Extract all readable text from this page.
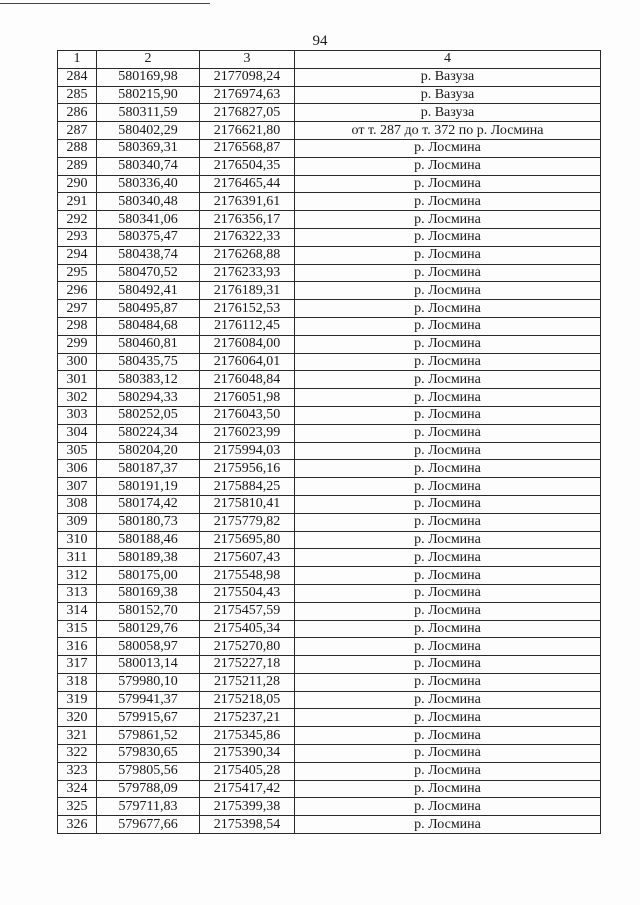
94
1	2	3	4
284	580169,98	2177098,24	р. Вазуза
285	580215,90	2176974,63	р. Вазуза
286	580311,59	2176827,05	р. Вазуза
287	580402,29	2176621,80	от т. 287 до т. 372 по р. Лосмина
288	580369,31	2176568,87	р. Лосмина
289	580340,74	2176504,35	р. Лосмина
290	580336,40	2176465,44	р. Лосмина
291	580340,48	2176391,61	р. Лосмина
292	580341,06	2176356,17	р. Лосмина
293	580375,47	2176322,33	р. Лосмина
294	580438,74	2176268,88	р. Лосмина
295	580470,52	2176233,93	р. Лосмина
296	580492,41	2176189,31	р. Лосмина
297	580495,87	2176152,53	р. Лосмина
298	580484,68	2176112,45	р. Лосмина
299	580460,81	2176084,00	р. Лосмина
300	580435,75	2176064,01	р. Лосмина
301	580383,12	2176048,84	р. Лосмина
302	580294,33	2176051,98	р. Лосмина
303	580252,05	2176043,50	р. Лосмина
304	580224,34	2176023,99	р. Лосмина
305	580204,20	2175994,03	р. Лосмина
306	580187,37	2175956,16	р. Лосмина
307	580191,19	2175884,25	р. Лосмина
308	580174,42	2175810,41	р. Лосмина
309	580180,73	2175779,82	р. Лосмина
310	580188,46	2175695,80	р. Лосмина
311	580189,38	2175607,43	р. Лосмина
312	580175,00	2175548,98	р. Лосмина
313	580169,38	2175504,43	р. Лосмина
314	580152,70	2175457,59	р. Лосмина
315	580129,76	2175405,34	р. Лосмина
316	580058,97	2175270,80	р. Лосмина
317	580013,14	2175227,18	р. Лосмина
318	579980,10	2175211,28	р. Лосмина
319	579941,37	2175218,05	р. Лосмина
320	579915,67	2175237,21	р. Лосмина
321	579861,52	2175345,86	р. Лосмина
322	579830,65	2175390,34	р. Лосмина
323	579805,56	2175405,28	р. Лосмина
324	579788,09	2175417,42	р. Лосмина
325	579711,83	2175399,38	р. Лосмина
326	579677,66	2175398,54	р. Лосмина
